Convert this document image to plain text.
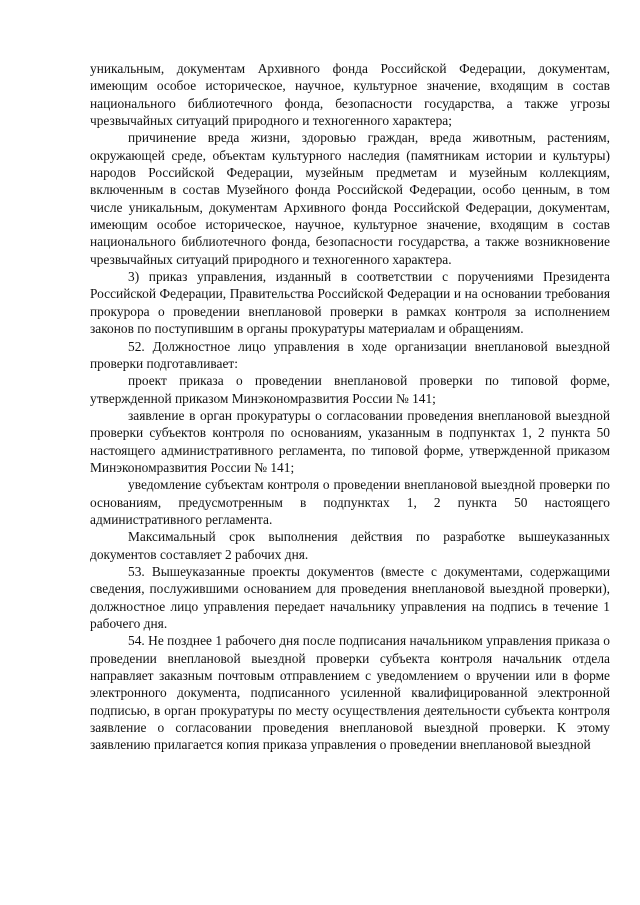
уникальным, документам Архивного фонда Российской Федерации, документам, имеющим особое историческое, научное, культурное значение, входящим в состав национального библиотечного фонда, безопасности государства, а также угрозы чрезвычайных ситуаций природного и техногенного характера;

причинение вреда жизни, здоровью граждан, вреда животным, растениям, окружающей среде, объектам культурного наследия (памятникам истории и культуры) народов Российской Федерации, музейным предметам и музейным коллекциям, включенным в состав Музейного фонда Российской Федерации, особо ценным, в том числе уникальным, документам Архивного фонда Российской Федерации, документам, имеющим особое историческое, научное, культурное значение, входящим в состав национального библиотечного фонда, безопасности государства, а также возникновение чрезвычайных ситуаций природного и техногенного характера.

3) приказ управления, изданный в соответствии с поручениями Президента Российской Федерации, Правительства Российской Федерации и на основании требования прокурора о проведении внеплановой проверки в рамках контроля за исполнением законов по поступившим в органы прокуратуры материалам и обращениям.

52. Должностное лицо управления в ходе организации внеплановой выездной проверки подготавливает:

проект приказа о проведении внеплановой проверки по типовой форме, утвержденной приказом Минэкономразвития России № 141;

заявление в орган прокуратуры о согласовании проведения внеплановой выездной проверки субъектов контроля по основаниям, указанным в подпунктах 1, 2 пункта 50 настоящего административного регламента, по типовой форме, утвержденной приказом Минэкономразвития России № 141;

уведомление субъектам контроля о проведении внеплановой выездной проверки по основаниям, предусмотренным в подпунктах 1, 2 пункта 50 настоящего административного регламента.

Максимальный срок выполнения действия по разработке вышеуказанных документов составляет 2 рабочих дня.

53. Вышеуказанные проекты документов (вместе с документами, содержащими сведения, послужившими основанием для проведения внеплановой выездной проверки), должностное лицо управления передает начальнику управления на подпись в течение 1 рабочего дня.

54. Не позднее 1 рабочего дня после подписания начальником управления приказа о проведении внеплановой выездной проверки субъекта контроля начальник отдела направляет заказным почтовым отправлением с уведомлением о вручении или в форме электронного документа, подписанного усиленной квалифицированной электронной подписью, в орган прокуратуры по месту осуществления деятельности субъекта контроля заявление о согласовании проведения внеплановой выездной проверки. К этому заявлению прилагается копия приказа управления о проведении внеплановой выездной
